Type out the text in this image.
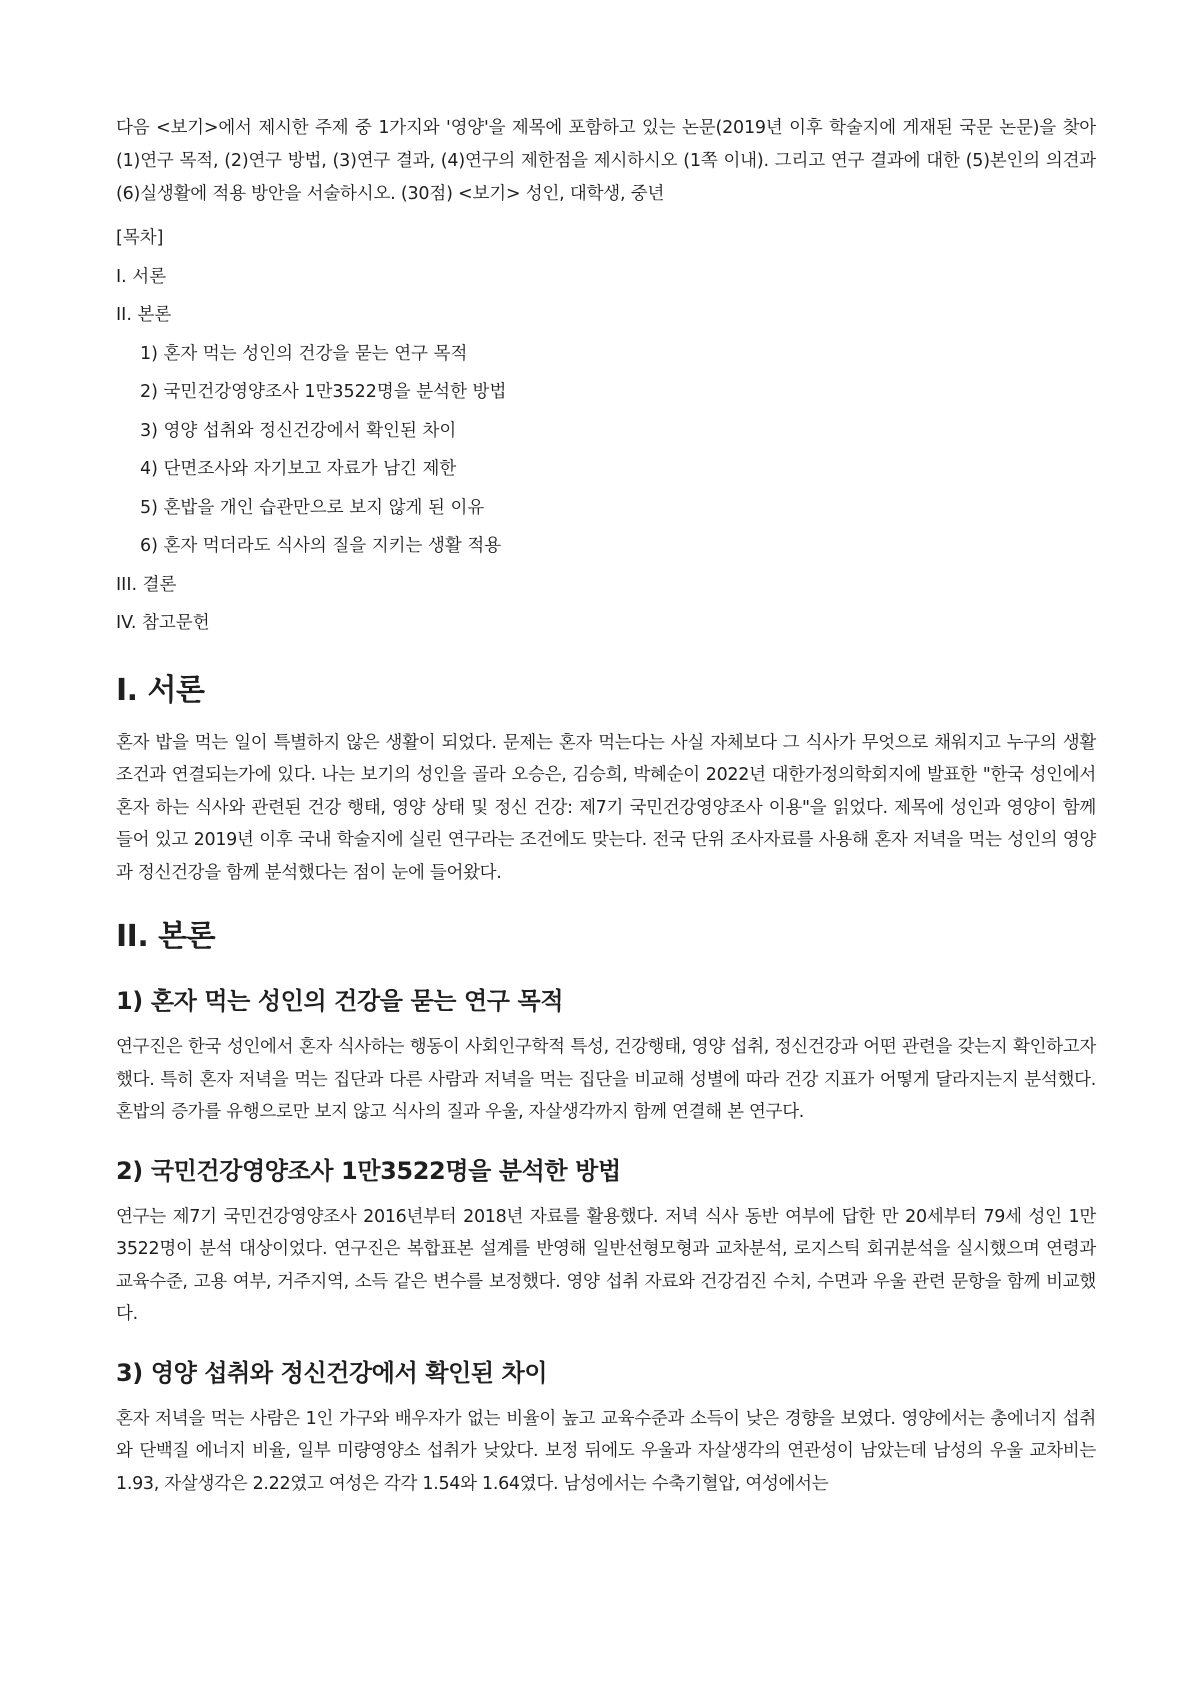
다음 <보기>에서 제시한 주제 중 1가지와 '영양'을 제목에 포함하고 있는 논문(2019년 이후 학술지에 게재된 국문 논문)을 찾아 (1)연구 목적, (2)연구 방법, (3)연구 결과, (4)연구의 제한점을 제시하시오 (1쪽 이내). 그리고 연구 결과에 대한 (5)본인의 의견과 (6)실생활에 적용 방안을 서술하시오. (30점) <보기> 성인, 대학생, 중년

[목차]

I. 서론
II. 본론
1) 혼자 먹는 성인의 건강을 묻는 연구 목적
2) 국민건강영양조사 1만3522명을 분석한 방법
3) 영양 섭취와 정신건강에서 확인된 차이
4) 단면조사와 자기보고 자료가 남긴 제한
5) 혼밥을 개인 습관만으로 보지 않게 된 이유
6) 혼자 먹더라도 식사의 질을 지키는 생활 적용
III. 결론
IV. 참고문헌
I. 서론

혼자 밥을 먹는 일이 특별하지 않은 생활이 되었다. 문제는 혼자 먹는다는 사실 자체보다 그 식사가 무엇으로 채워지고 누구의 생활조건과 연결되는가에 있다. 나는 보기의 성인을 골라 오승은, 김승희, 박혜순이 2022년 대한가정의학회지에 발표한 "한국 성인에서 혼자 하는 식사와 관련된 건강 행태, 영양 상태 및 정신 건강: 제7기 국민건강영양조사 이용"을 읽었다. 제목에 성인과 영양이 함께 들어 있고 2019년 이후 국내 학술지에 실린 연구라는 조건에도 맞는다. 전국 단위 조사자료를 사용해 혼자 저녁을 먹는 성인의 영양과 정신건강을 함께 분석했다는 점이 눈에 들어왔다.

II. 본론
1) 혼자 먹는 성인의 건강을 묻는 연구 목적

연구진은 한국 성인에서 혼자 식사하는 행동이 사회인구학적 특성, 건강행태, 영양 섭취, 정신건강과 어떤 관련을 갖는지 확인하고자 했다. 특히 혼자 저녁을 먹는 집단과 다른 사람과 저녁을 먹는 집단을 비교해 성별에 따라 건강 지표가 어떻게 달라지는지 분석했다. 혼밥의 증가를 유행으로만 보지 않고 식사의 질과 우울, 자살생각까지 함께 연결해 본 연구다.

2) 국민건강영양조사 1만3522명을 분석한 방법

연구는 제7기 국민건강영양조사 2016년부터 2018년 자료를 활용했다. 저녁 식사 동반 여부에 답한 만 20세부터 79세 성인 1만3522명이 분석 대상이었다. 연구진은 복합표본 설계를 반영해 일반선형모형과 교차분석, 로지스틱 회귀분석을 실시했으며 연령과 교육수준, 고용 여부, 거주지역, 소득 같은 변수를 보정했다. 영양 섭취 자료와 건강검진 수치, 수면과 우울 관련 문항을 함께 비교했다.

3) 영양 섭취와 정신건강에서 확인된 차이

혼자 저녁을 먹는 사람은 1인 가구와 배우자가 없는 비율이 높고 교육수준과 소득이 낮은 경향을 보였다. 영양에서는 총에너지 섭취와 단백질 에너지 비율, 일부 미량영양소 섭취가 낮았다. 보정 뒤에도 우울과 자살생각의 연관성이 남았는데 남성의 우울 교차비는 1.93, 자살생각은 2.22였고 여성은 각각 1.54와 1.64였다. 남성에서는 수축기혈압, 여성에서는
